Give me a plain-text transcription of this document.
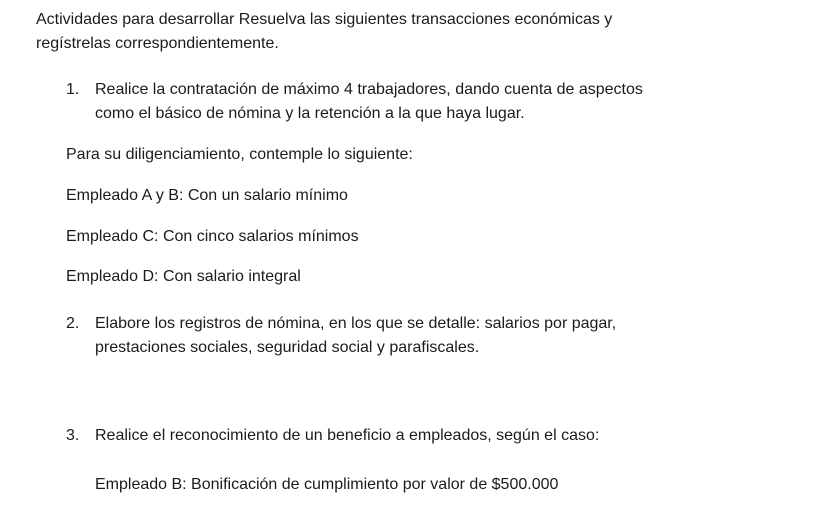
Actividades para desarrollar Resuelva las siguientes transacciones económicas y
regístrelas correspondientemente.
1. Realice la contratación de máximo 4 trabajadores, dando cuenta de aspectos
como el básico de nómina y la retención a la que haya lugar.
Para su diligenciamiento, contemple lo siguiente:
Empleado A y B: Con un salario mínimo
Empleado C: Con cinco salarios mínimos
Empleado D: Con salario integral
2. Elabore los registros de nómina, en los que se detalle: salarios por pagar,
prestaciones sociales, seguridad social y parafiscales.
3. Realice el reconocimiento de un beneficio a empleados, según el caso:
Empleado B: Bonificación de cumplimiento por valor de $500.000
